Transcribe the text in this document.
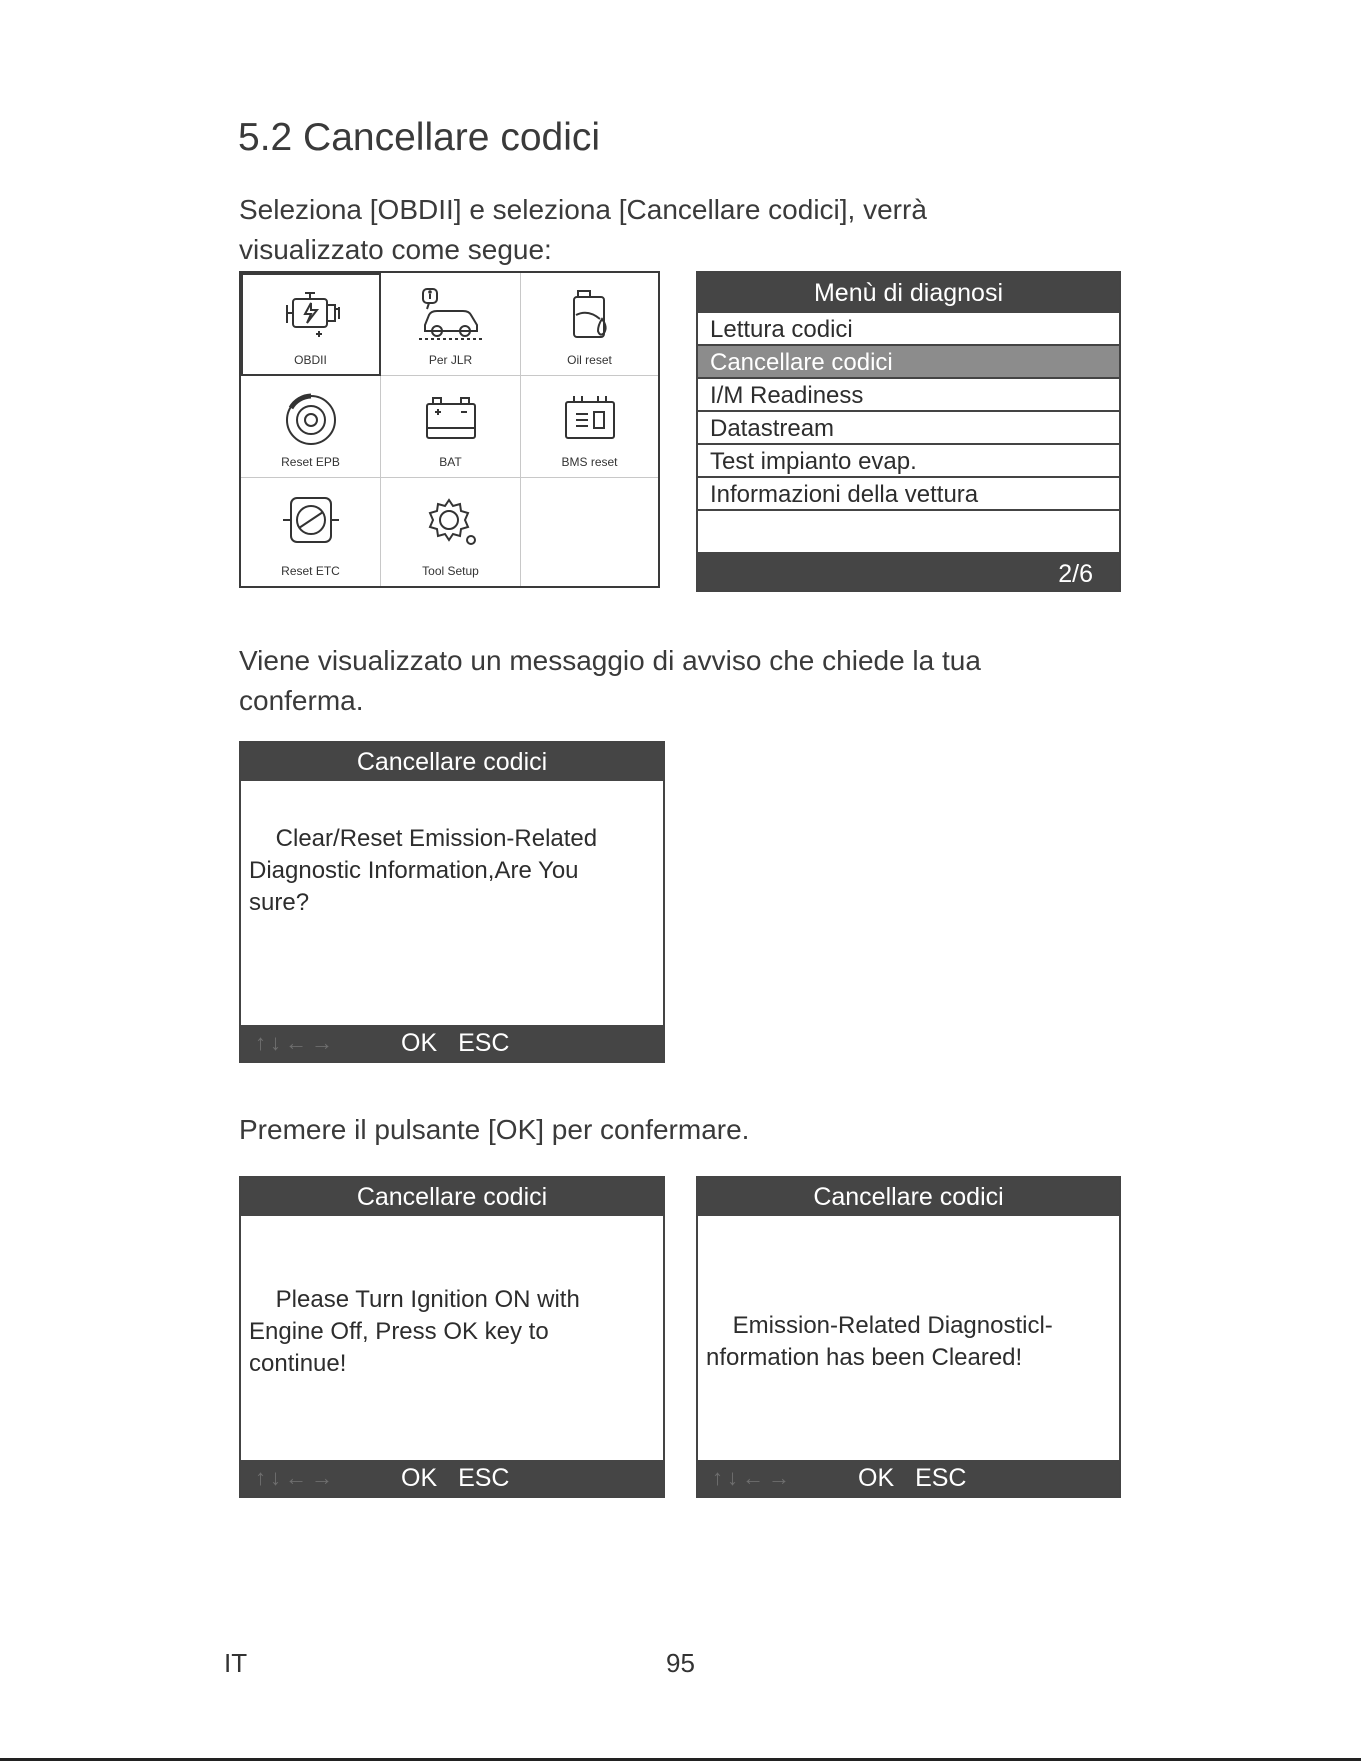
5.2 Cancellare codici
Seleziona [OBDII] e seleziona [Cancellare codici], verrà
visualizzato come segue:
OBDII	Per JLR	Oil reset
Reset EPB	BAT	BMS reset
Reset ETC	Tool Setup
Menù di diagnosi
Lettura codici
Cancellare codici
I/M Readiness
Datastream
Test impianto evap.
Informazioni della vettura
2/6
Viene visualizzato un messaggio di avviso che chiede la tua
conferma.
Cancellare codici
Clear/Reset Emission-Related
Diagnostic Information,Are You
sure?
↑↓←→	OK ESC
Premere il pulsante [OK] per confermare.
Cancellare codici
Please Turn Ignition ON with
Engine Off, Press OK key to
continue!
↑↓←→	OK ESC
Cancellare codici
Emission-Related Diagnosticl-
nformation has been Cleared!
↑↓←→	OK ESC
IT	95
